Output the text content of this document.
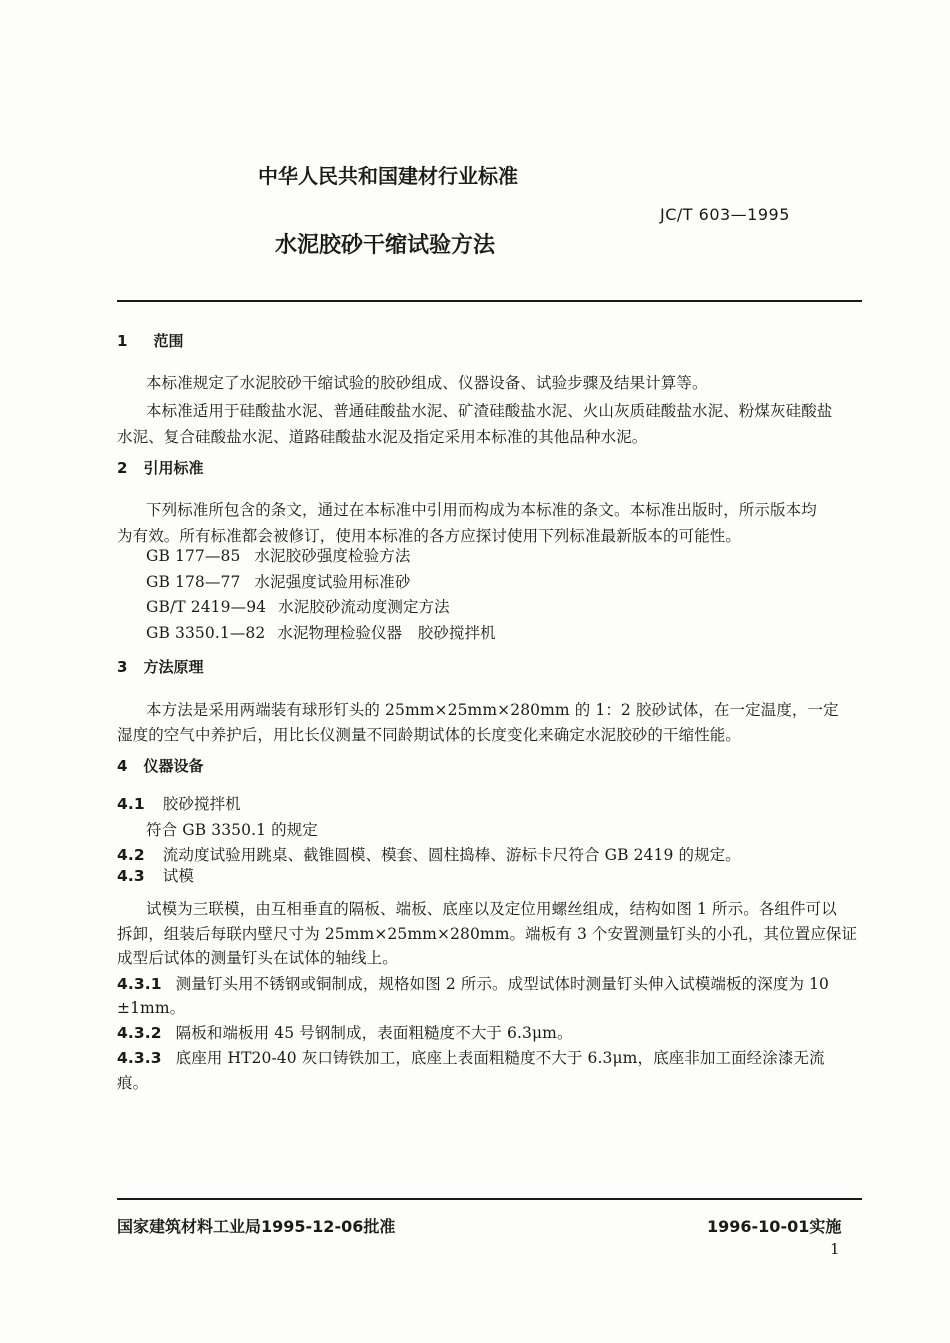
中华人民共和国建材行业标准
JC/T 603—1995
水泥胶砂干缩试验方法
1 范围
本标准规定了水泥胶砂干缩试验的胶砂组成、仪器设备、试验步骤及结果计算等。
本标准适用于硅酸盐水泥、普通硅酸盐水泥、矿渣硅酸盐水泥、火山灰质硅酸盐水泥、粉煤灰硅酸盐
水泥、复合硅酸盐水泥、道路硅酸盐水泥及指定采用本标准的其他品种水泥。
2 引用标准
下列标准所包含的条文，通过在本标准中引用而构成为本标准的条文。本标准出版时，所示版本均
为有效。所有标准都会被修订，使用本标准的各方应探讨使用下列标准最新版本的可能性。
GB 177—85 水泥胶砂强度检验方法
GB 178—77 水泥强度试验用标准砂
GB/T 2419—94 水泥胶砂流动度测定方法
GB 3350.1—82 水泥物理检验仪器　胶砂搅拌机
3 方法原理
本方法是采用两端装有球形钉头的 25mm×25mm×280mm 的 1：2 胶砂试体，在一定温度，一定
湿度的空气中养护后，用比长仪测量不同龄期试体的长度变化来确定水泥胶砂的干缩性能。
4 仪器设备
4.1 胶砂搅拌机
符合 GB 3350.1 的规定
4.2 流动度试验用跳桌、截锥圆模、模套、圆柱捣棒、游标卡尺符合 GB 2419 的规定。
4.3 试模
试模为三联模，由互相垂直的隔板、端板、底座以及定位用螺丝组成，结构如图 1 所示。各组件可以
拆卸，组装后每联内壁尺寸为 25mm×25mm×280mm。端板有 3 个安置测量钉头的小孔，其位置应保证
成型后试体的测量钉头在试体的轴线上。
4.3.1 测量钉头用不锈钢或铜制成，规格如图 2 所示。成型试体时测量钉头伸入试模端板的深度为 10
±1mm。
4.3.2 隔板和端板用 45 号钢制成，表面粗糙度不大于 6.3μm。
4.3.3 底座用 HT20-40 灰口铸铁加工，底座上表面粗糙度不大于 6.3μm，底座非加工面经涂漆无流
痕。
国家建筑材料工业局1995-12-06批准	1996-10-01实施
1
